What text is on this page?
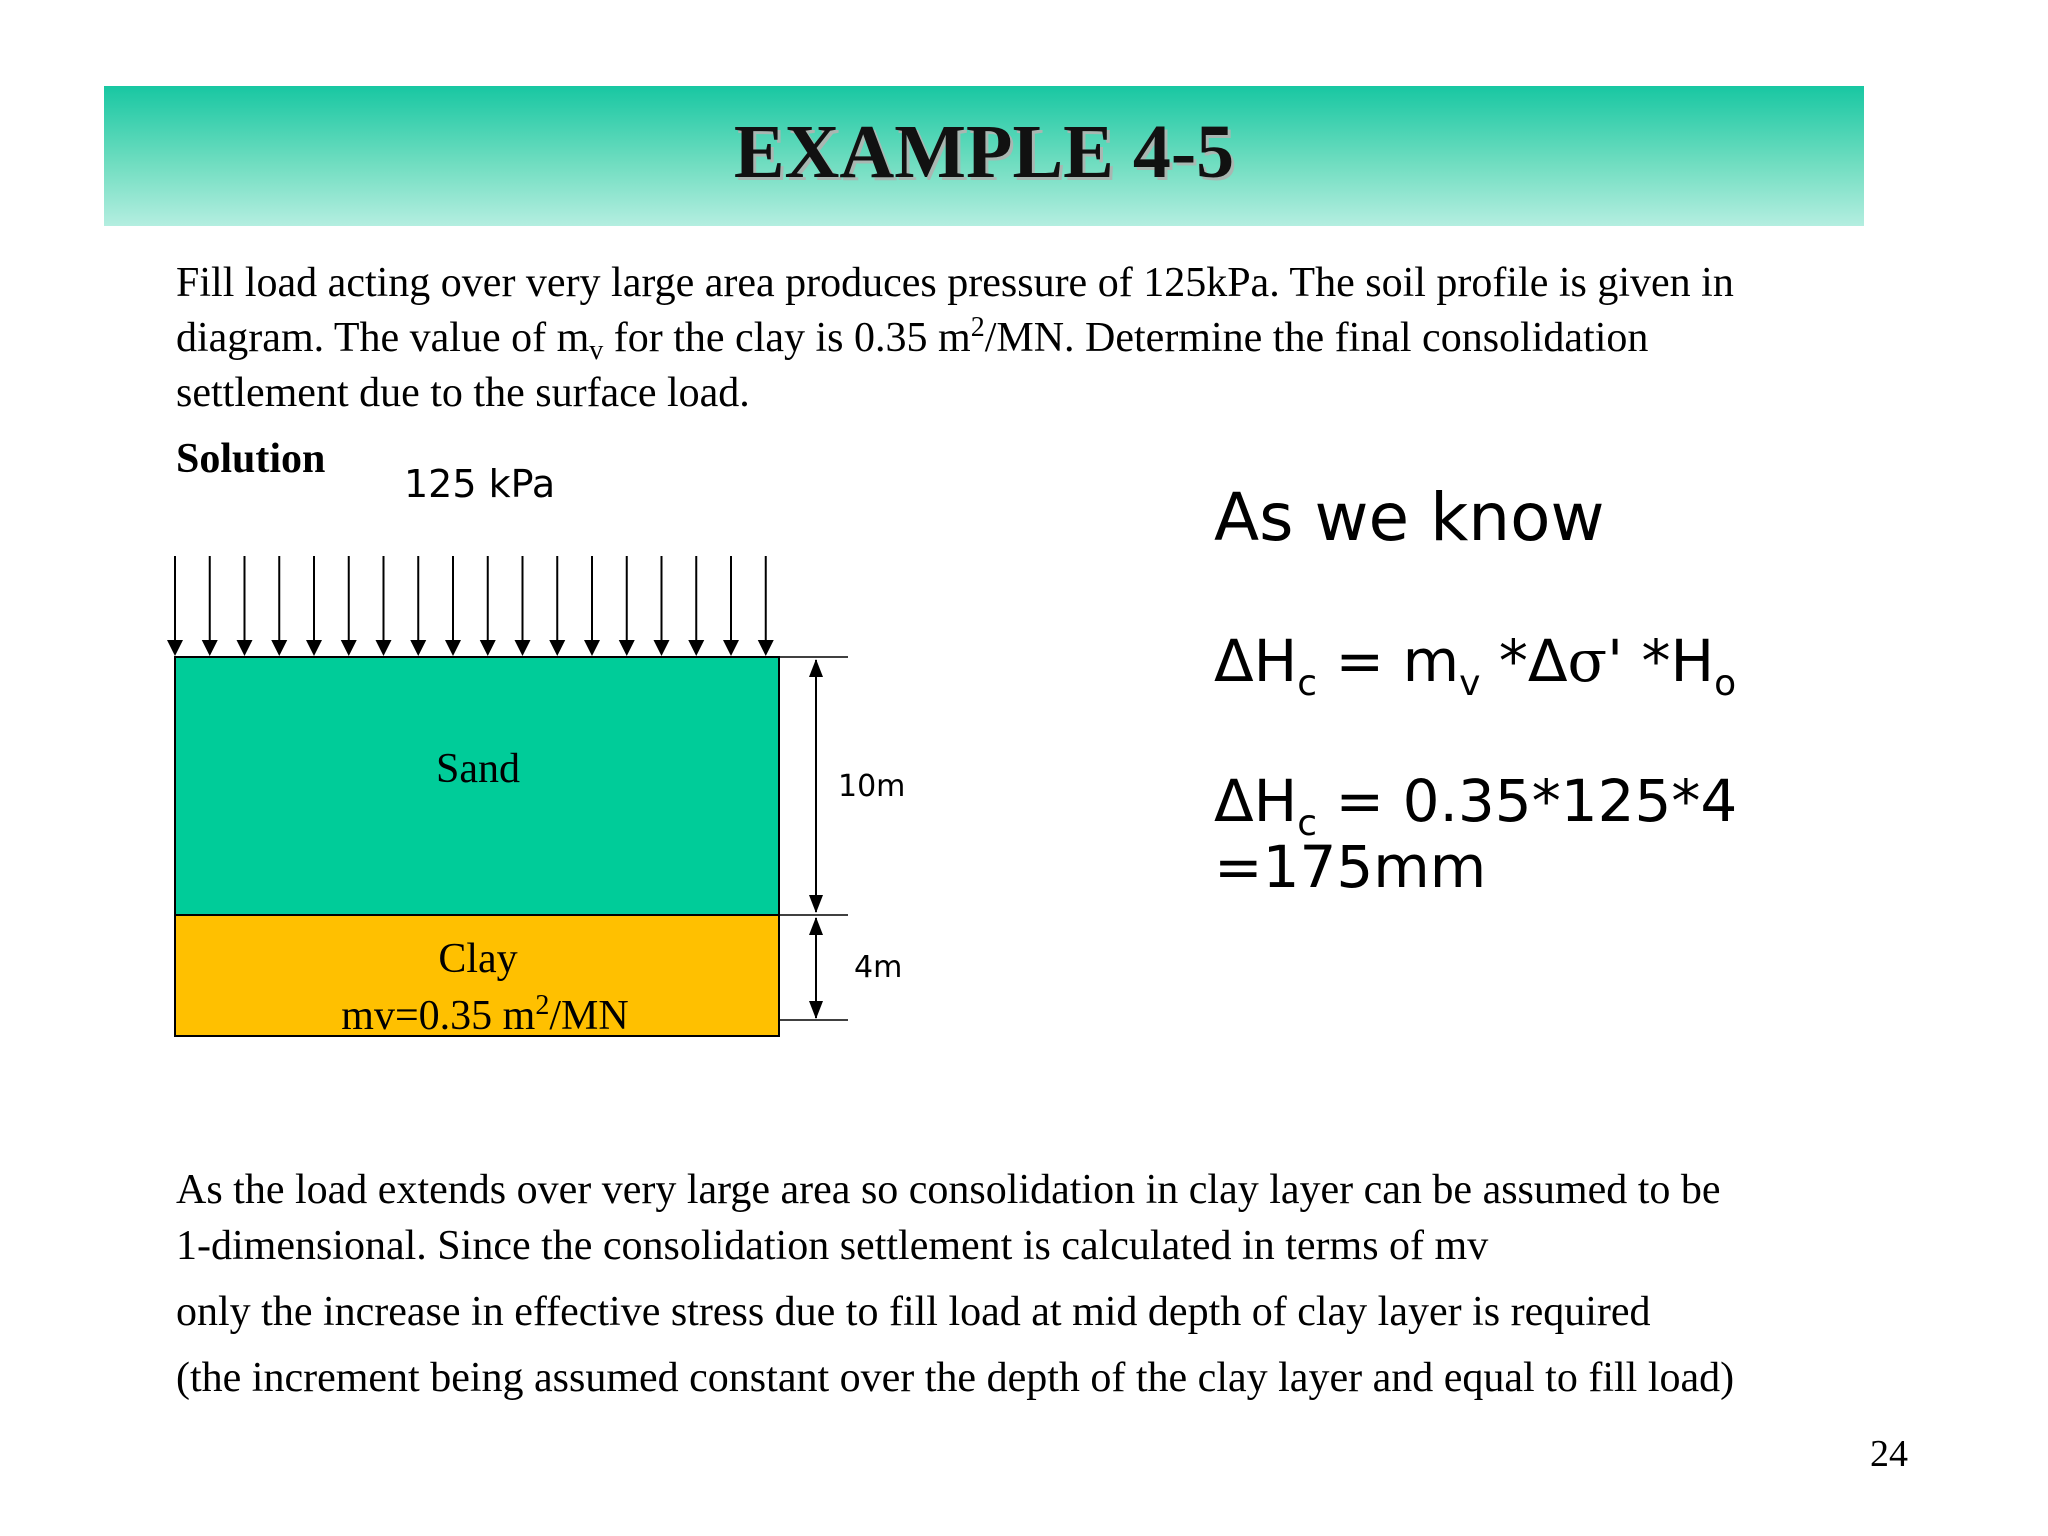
EXAMPLE 4-5
Fill load acting over very large area produces pressure of 125kPa. The soil profile is given in
diagram. The value of $m_v$ for the clay is 0.35 $m^2/MN$. Determine the final consolidation
settlement due to the surface load.
Solution
125 kPa
Sand
Clay
mv=0.35 $m^2/MN$
10m
4m
As we know
$\Delta H_c = m_v$ *Δσ' $*H_o$
$\Delta H_c = 0.35*125*4$
=175mm
As the load extends over very large area so consolidation in clay layer can be assumed to be
1-dimensional. Since the consolidation settlement is calculated in terms of mv
only the increase in effective stress due to fill load at mid depth of clay layer is required
(the increment being assumed constant over the depth of the clay layer and equal to fill load)
24
